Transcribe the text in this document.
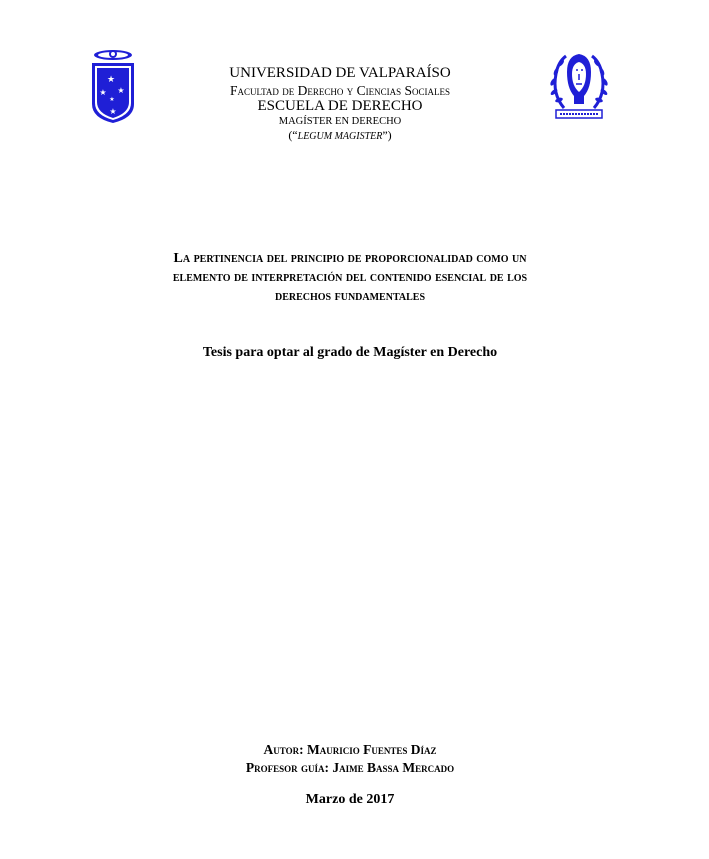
★
★ ★
★
★
UNIVERSIDAD DE VALPARAÍSO
Facultad de Derecho y Ciencias Sociales
ESCUELA DE DERECHO
MAGÍSTER EN DERECHO
(“LEGUM MAGISTER”)
La pertinencia del principio de proporcionalidad como un
elemento de interpretación del contenido esencial de los
derechos fundamentales
Tesis para optar al grado de Magíster en Derecho
Autor: Mauricio Fuentes Díaz
Profesor guía: Jaime Bassa Mercado
Marzo de 2017
